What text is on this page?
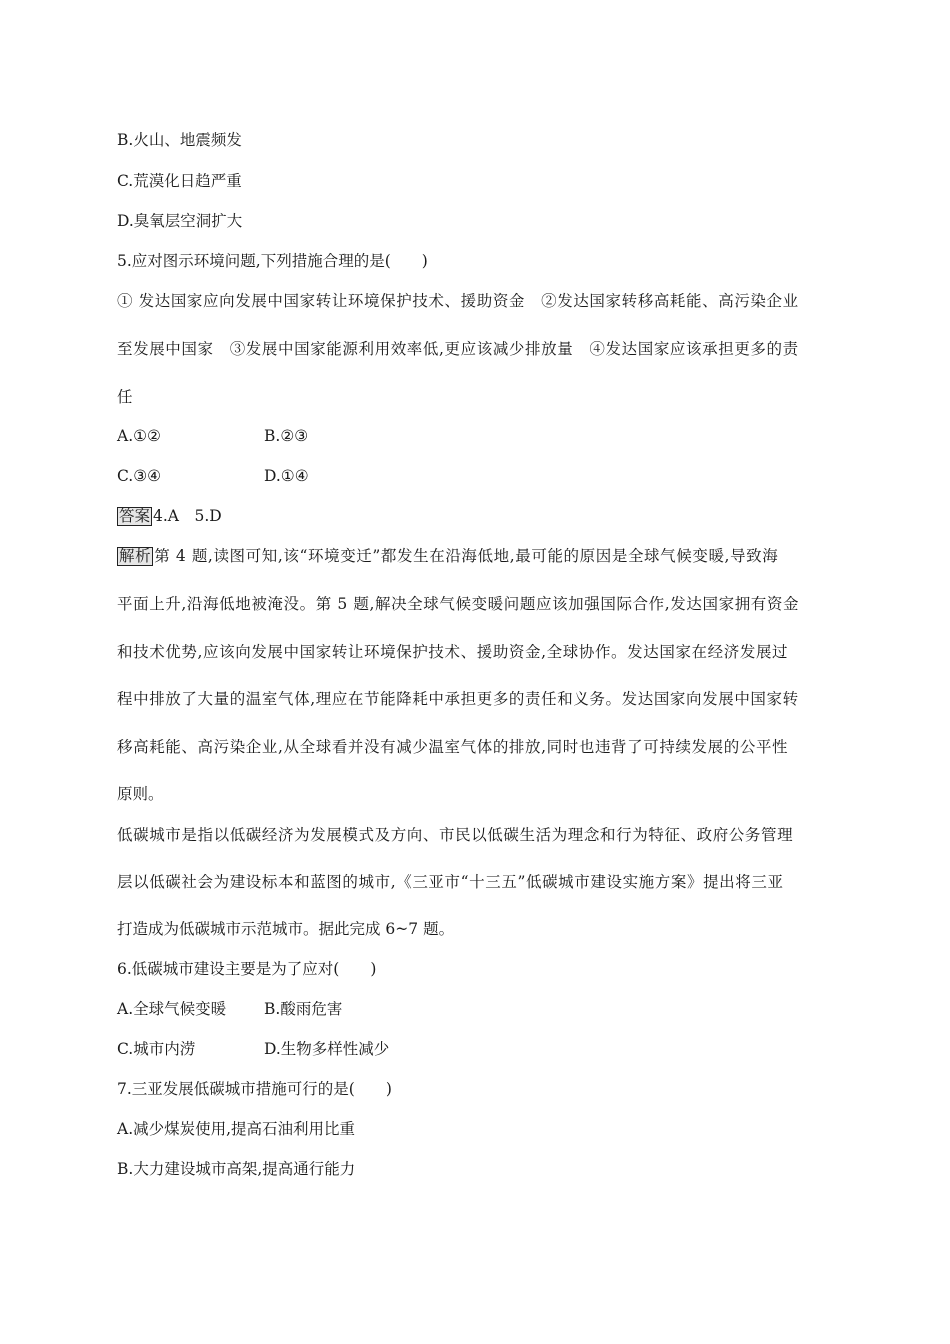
B.火山、地震频发
C.荒漠化日趋严重
D.臭氧层空洞扩大
5.应对图示环境问题,下列措施合理的是(　　)
① 发达国家应向发展中国家转让环境保护技术、援助资金　②发达国家转移高耗能、高污染企业
至发展中国家　③发展中国家能源利用效率低,更应该减少排放量　④发达国家应该承担更多的责
任
A.①②	B.②③
C.③④	D.①④
答案 4.A　5.D
解析 第 4 题,读图可知,该“环境变迁”都发生在沿海低地,最可能的原因是全球气候变暖,导致海
平面上升,沿海低地被淹没。第 5 题,解决全球气候变暖问题应该加强国际合作,发达国家拥有资金
和技术优势,应该向发展中国家转让环境保护技术、援助资金,全球协作。发达国家在经济发展过
程中排放了大量的温室气体,理应在节能降耗中承担更多的责任和义务。发达国家向发展中国家转
移高耗能、高污染企业,从全球看并没有减少温室气体的排放,同时也违背了可持续发展的公平性
原则。
低碳城市是指以低碳经济为发展模式及方向、市民以低碳生活为理念和行为特征、政府公务管理
层以低碳社会为建设标本和蓝图的城市,《三亚市“十三五”低碳城市建设实施方案》提出将三亚
打造成为低碳城市示范城市。据此完成 6~7 题。
6.低碳城市建设主要是为了应对(　　)
A.全球气候变暖 B.酸雨危害
C.城市内涝	D.生物多样性减少
7.三亚发展低碳城市措施可行的是(　　)
A.减少煤炭使用,提高石油利用比重
B.大力建设城市高架,提高通行能力
